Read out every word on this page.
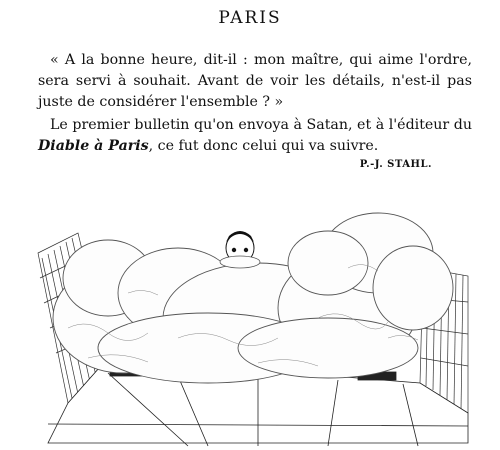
PARIS

« A la bonne heure, dit-il : mon maître, qui aime l'ordre, sera servi à souhait. Avant de voir les détails, n'est-il pas juste de considérer l'ensemble ? »

Le premier bulletin qu'on envoya à Satan, et à l'éditeur du Diable à Paris, ce fut donc celui qui va suivre.

P.-J. STAHL.
